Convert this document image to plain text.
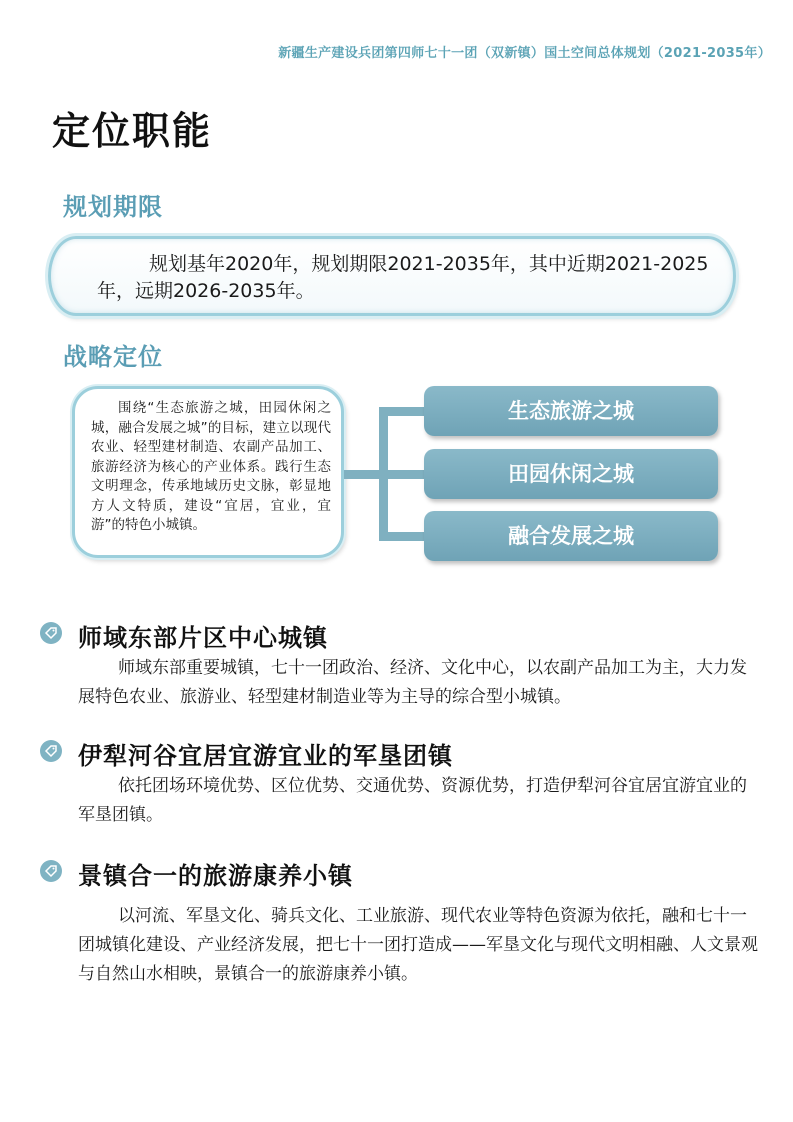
新疆生产建设兵团第四师七十一团（双新镇）国土空间总体规划（2021-2035年）
定位职能
规划期限

规划基年2020年，规划期限2021-2035年，其中近期2021-2025年，远期2026-2035年。

战略定位

围绕“生态旅游之城，田园休闲之城，融合发展之城”的目标，建立以现代农业、轻型建材制造、农副产品加工、旅游经济为核心的产业体系。践行生态文明理念，传承地域历史文脉，彰显地方人文特质，建设“宜居，宜业，宜游”的特色小城镇。

生态旅游之城
田园休闲之城
融合发展之城
师域东部片区中心城镇

师域东部重要城镇，七十一团政治、经济、文化中心，以农副产品加工为主，大力发展特色农业、旅游业、轻型建材制造业等为主导的综合型小城镇。

伊犁河谷宜居宜游宜业的军垦团镇

依托团场环境优势、区位优势、交通优势、资源优势，打造伊犁河谷宜居宜游宜业的军垦团镇。

景镇合一的旅游康养小镇

以河流、军垦文化、骑兵文化、工业旅游、现代农业等特色资源为依托，融和七十一团城镇化建设、产业经济发展，把七十一团打造成——军垦文化与现代文明相融、人文景观与自然山水相映，景镇合一的旅游康养小镇。
